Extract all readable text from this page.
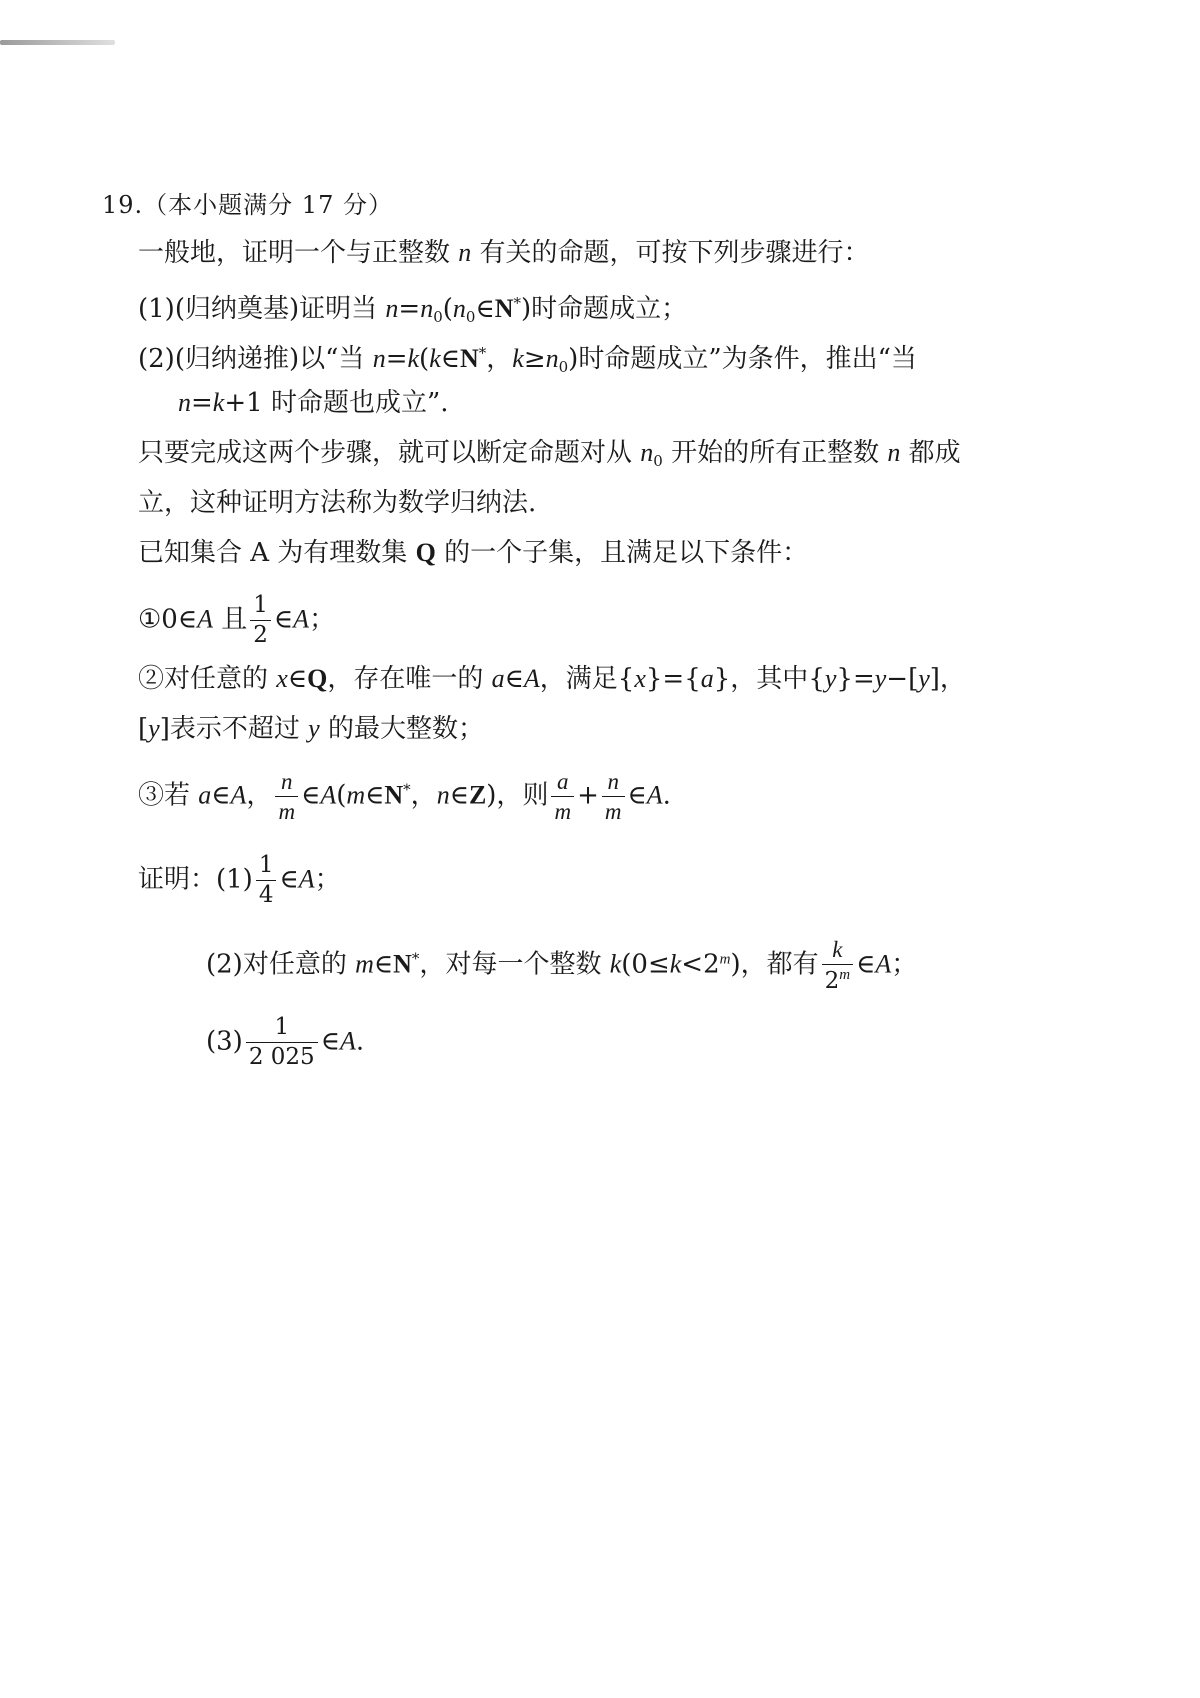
19.（本小题满分 17 分）
一般地，证明一个与正整数 n 有关的命题，可按下列步骤进行：
(1)(归纳奠基)证明当 $n=n_0(n_0\in N^*)$时命题成立；
(2)(归纳递推)以“当 n=k(k∈N*，$k\ge n_0$)时命题成立”为条件，推出“当
n=k+1 时命题也成立”.
只要完成这两个步骤，就可以断定命题对从 $n_0$ 开始的所有正整数 n 都成
立，这种证明方法称为数学归纳法.
已知集合 A 为有理数集 Q 的一个子集，且满足以下条件：
①0∈A 且 $\frac{1}{2}$ ∈A；
②对任意的 x∈Q，存在唯一的 a∈A，满足{x}={a}，其中{y}=y−[y]，
[y]表示不超过 y 的最大整数；
③若 a∈A， $\frac{n}{m}$ ∈A(m∈N*，n∈Z)，则 $\frac{a}{m} + \frac{n}{m}$ ∈A.
证明：$(1) \frac{1}{4}$ ∈A；
(2)对任意的 m∈N*，对每一个整数 $k(0\le k<2^m)$，都有 $\frac{k}{2^m}$ ∈A；
$(3) \frac{1}{2 025}$ ∈A.
